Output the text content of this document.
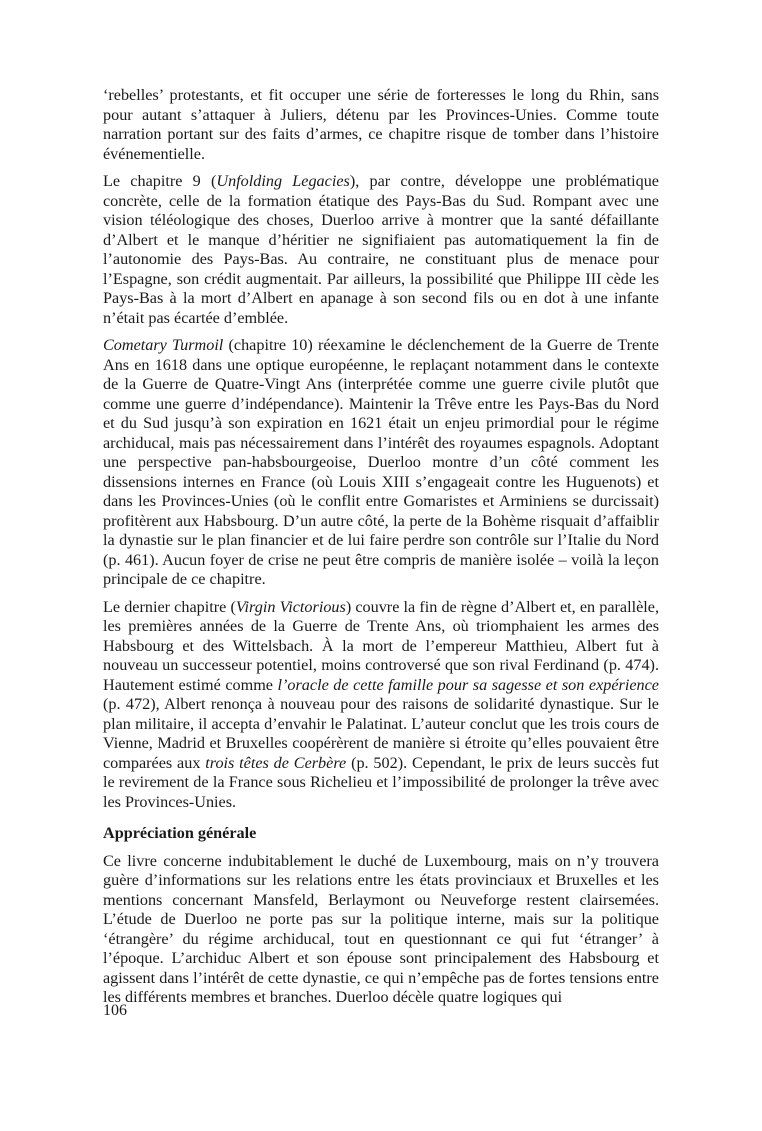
‘rebelles’ protestants, et fit occuper une série de forteresses le long du Rhin, sans pour autant s’attaquer à Juliers, détenu par les Provinces-Unies. Comme toute narration portant sur des faits d’armes, ce chapitre risque de tomber dans l’histoire événementielle.

Le chapitre 9 (Unfolding Legacies), par contre, développe une problématique concrète, celle de la formation étatique des Pays-Bas du Sud. Rompant avec une vision téléologique des choses, Duerloo arrive à montrer que la santé défaillante d’Albert et le manque d’héritier ne signifiaient pas automatiquement la fin de l’autonomie des Pays-Bas. Au contraire, ne constituant plus de menace pour l’Espagne, son crédit augmentait. Par ailleurs, la possibilité que Philippe III cède les Pays-Bas à la mort d’Albert en apanage à son second fils ou en dot à une infante n’était pas écartée d’emblée.

Cometary Turmoil (chapitre 10) réexamine le déclenchement de la Guerre de Trente Ans en 1618 dans une optique européenne, le replaçant notamment dans le contexte de la Guerre de Quatre-Vingt Ans (interprétée comme une guerre civile plutôt que comme une guerre d’indépendance). Maintenir la Trêve entre les Pays-Bas du Nord et du Sud jusqu’à son expiration en 1621 était un enjeu primordial pour le régime archiducal, mais pas nécessairement dans l’intérêt des royaumes espagnols. Adoptant une perspective pan-habsbourgeoise, Duerloo montre d’un côté comment les dissensions internes en France (où Louis XIII s’engageait contre les Huguenots) et dans les Provinces-Unies (où le conflit entre Gomaristes et Arminiens se durcissait) profitèrent aux Habsbourg. D’un autre côté, la perte de la Bohème risquait d’affaiblir la dynastie sur le plan financier et de lui faire perdre son contrôle sur l’Italie du Nord (p. 461). Aucun foyer de crise ne peut être compris de manière isolée – voilà la leçon principale de ce chapitre.

Le dernier chapitre (Virgin Victorious) couvre la fin de règne d’Albert et, en parallèle, les premières années de la Guerre de Trente Ans, où triomphaient les armes des Habsbourg et des Wittelsbach. À la mort de l’empereur Matthieu, Albert fut à nouveau un successeur potentiel, moins controversé que son rival Ferdinand (p. 474). Hautement estimé comme l’oracle de cette famille pour sa sagesse et son expérience (p. 472), Albert renonça à nouveau pour des raisons de solidarité dynastique. Sur le plan militaire, il accepta d’envahir le Palatinat. L’auteur conclut que les trois cours de Vienne, Madrid et Bruxelles coopérèrent de manière si étroite qu’elles pouvaient être comparées aux trois têtes de Cerbère (p. 502). Cependant, le prix de leurs succès fut le revirement de la France sous Richelieu et l’impossibilité de prolonger la trêve avec les Provinces-Unies.

Appréciation générale

Ce livre concerne indubitablement le duché de Luxembourg, mais on n’y trouvera guère d’informations sur les relations entre les états provinciaux et Bruxelles et les mentions concernant Mansfeld, Berlaymont ou Neuveforge restent clairsemées. L’étude de Duerloo ne porte pas sur la politique interne, mais sur la politique ‘étrangère’ du régime archiducal, tout en questionnant ce qui fut ‘étranger’ à l’époque. L’archiduc Albert et son épouse sont principalement des Habsbourg et agissent dans l’intérêt de cette dynastie, ce qui n’empêche pas de fortes tensions entre les différents membres et branches. Duerloo décèle quatre logiques qui

106
